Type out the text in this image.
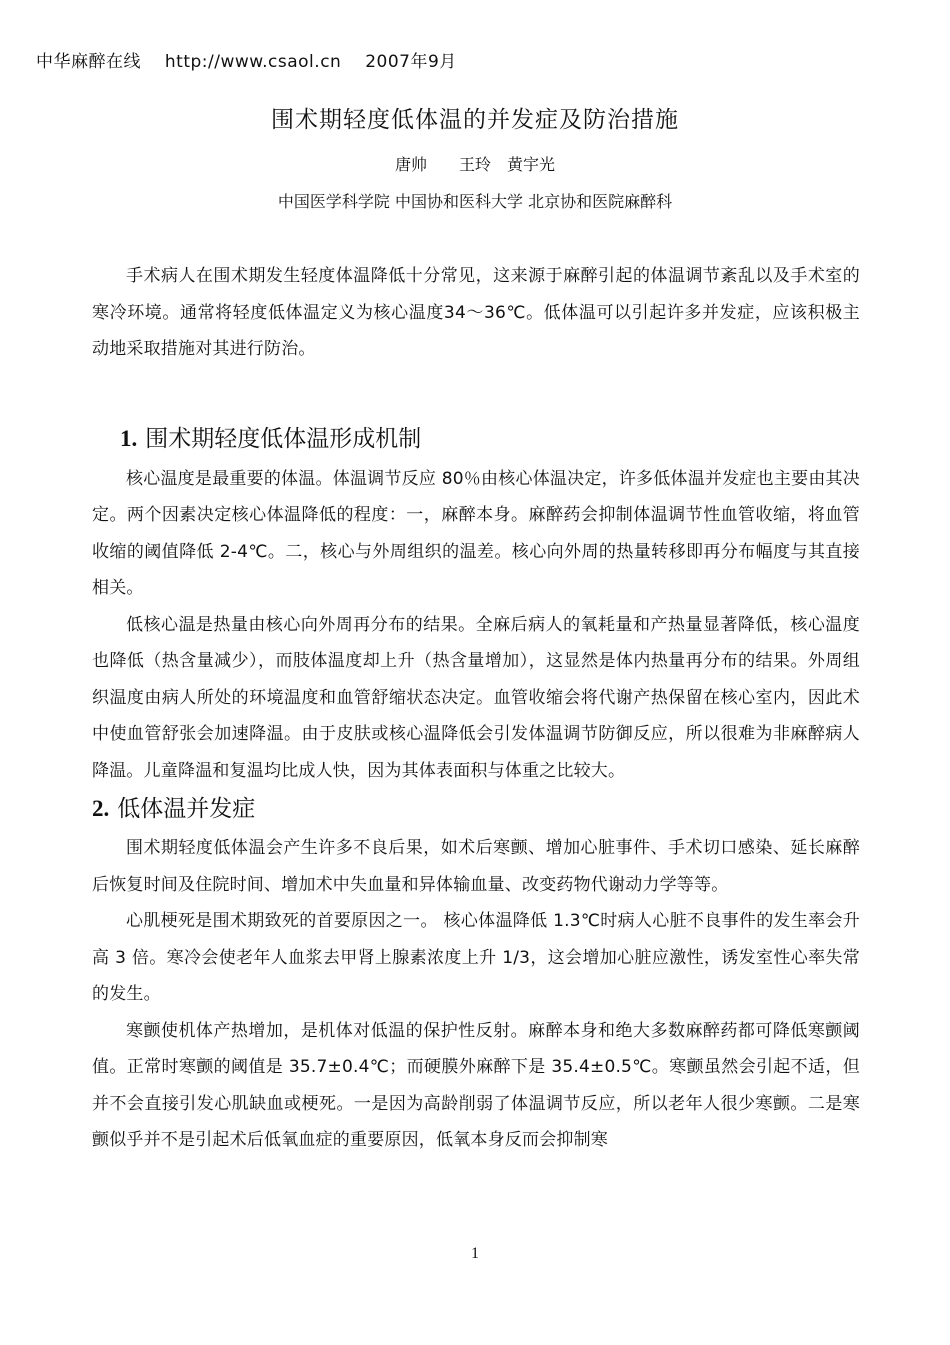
中华麻醉在线 http://www.csaol.cn 2007年9月
围术期轻度低体温的并发症及防治措施
唐帅　　王玲　黄宇光
中国医学科学院 中国协和医科大学 北京协和医院麻醉科

手术病人在围术期发生轻度体温降低十分常见，这来源于麻醉引起的体温调节紊乱以及手术室的寒冷环境。通常将轻度低体温定义为核心温度34～36℃。低体温可以引起许多并发症，应该积极主动地采取措施对其进行防治。

1. 围术期轻度低体温形成机制

核心温度是最重要的体温。体温调节反应 80％由核心体温决定，许多低体温并发症也主要由其决定。两个因素决定核心体温降低的程度：一，麻醉本身。麻醉药会抑制体温调节性血管收缩，将血管收缩的阈值降低 2-4℃。二，核心与外周组织的温差。核心向外周的热量转移即再分布幅度与其直接相关。

低核心温是热量由核心向外周再分布的结果。全麻后病人的氧耗量和产热量显著降低，核心温度也降低（热含量减少），而肢体温度却上升（热含量增加），这显然是体内热量再分布的结果。外周组织温度由病人所处的环境温度和血管舒缩状态决定。血管收缩会将代谢产热保留在核心室内，因此术中使血管舒张会加速降温。由于皮肤或核心温降低会引发体温调节防御反应，所以很难为非麻醉病人降温。儿童降温和复温均比成人快，因为其体表面积与体重之比较大。

2. 低体温并发症

围术期轻度低体温会产生许多不良后果，如术后寒颤、增加心脏事件、手术切口感染、延长麻醉后恢复时间及住院时间、增加术中失血量和异体输血量、改变药物代谢动力学等等。

心肌梗死是围术期致死的首要原因之一。 核心体温降低 1.3℃时病人心脏不良事件的发生率会升高 3 倍。寒冷会使老年人血浆去甲肾上腺素浓度上升 1/3，这会增加心脏应激性，诱发室性心率失常的发生。

寒颤使机体产热增加，是机体对低温的保护性反射。麻醉本身和绝大多数麻醉药都可降低寒颤阈值。正常时寒颤的阈值是 35.7±0.4℃；而硬膜外麻醉下是 35.4±0.5℃。寒颤虽然会引起不适，但并不会直接引发心肌缺血或梗死。一是因为高龄削弱了体温调节反应，所以老年人很少寒颤。二是寒颤似乎并不是引起术后低氧血症的重要原因，低氧本身反而会抑制寒

1
